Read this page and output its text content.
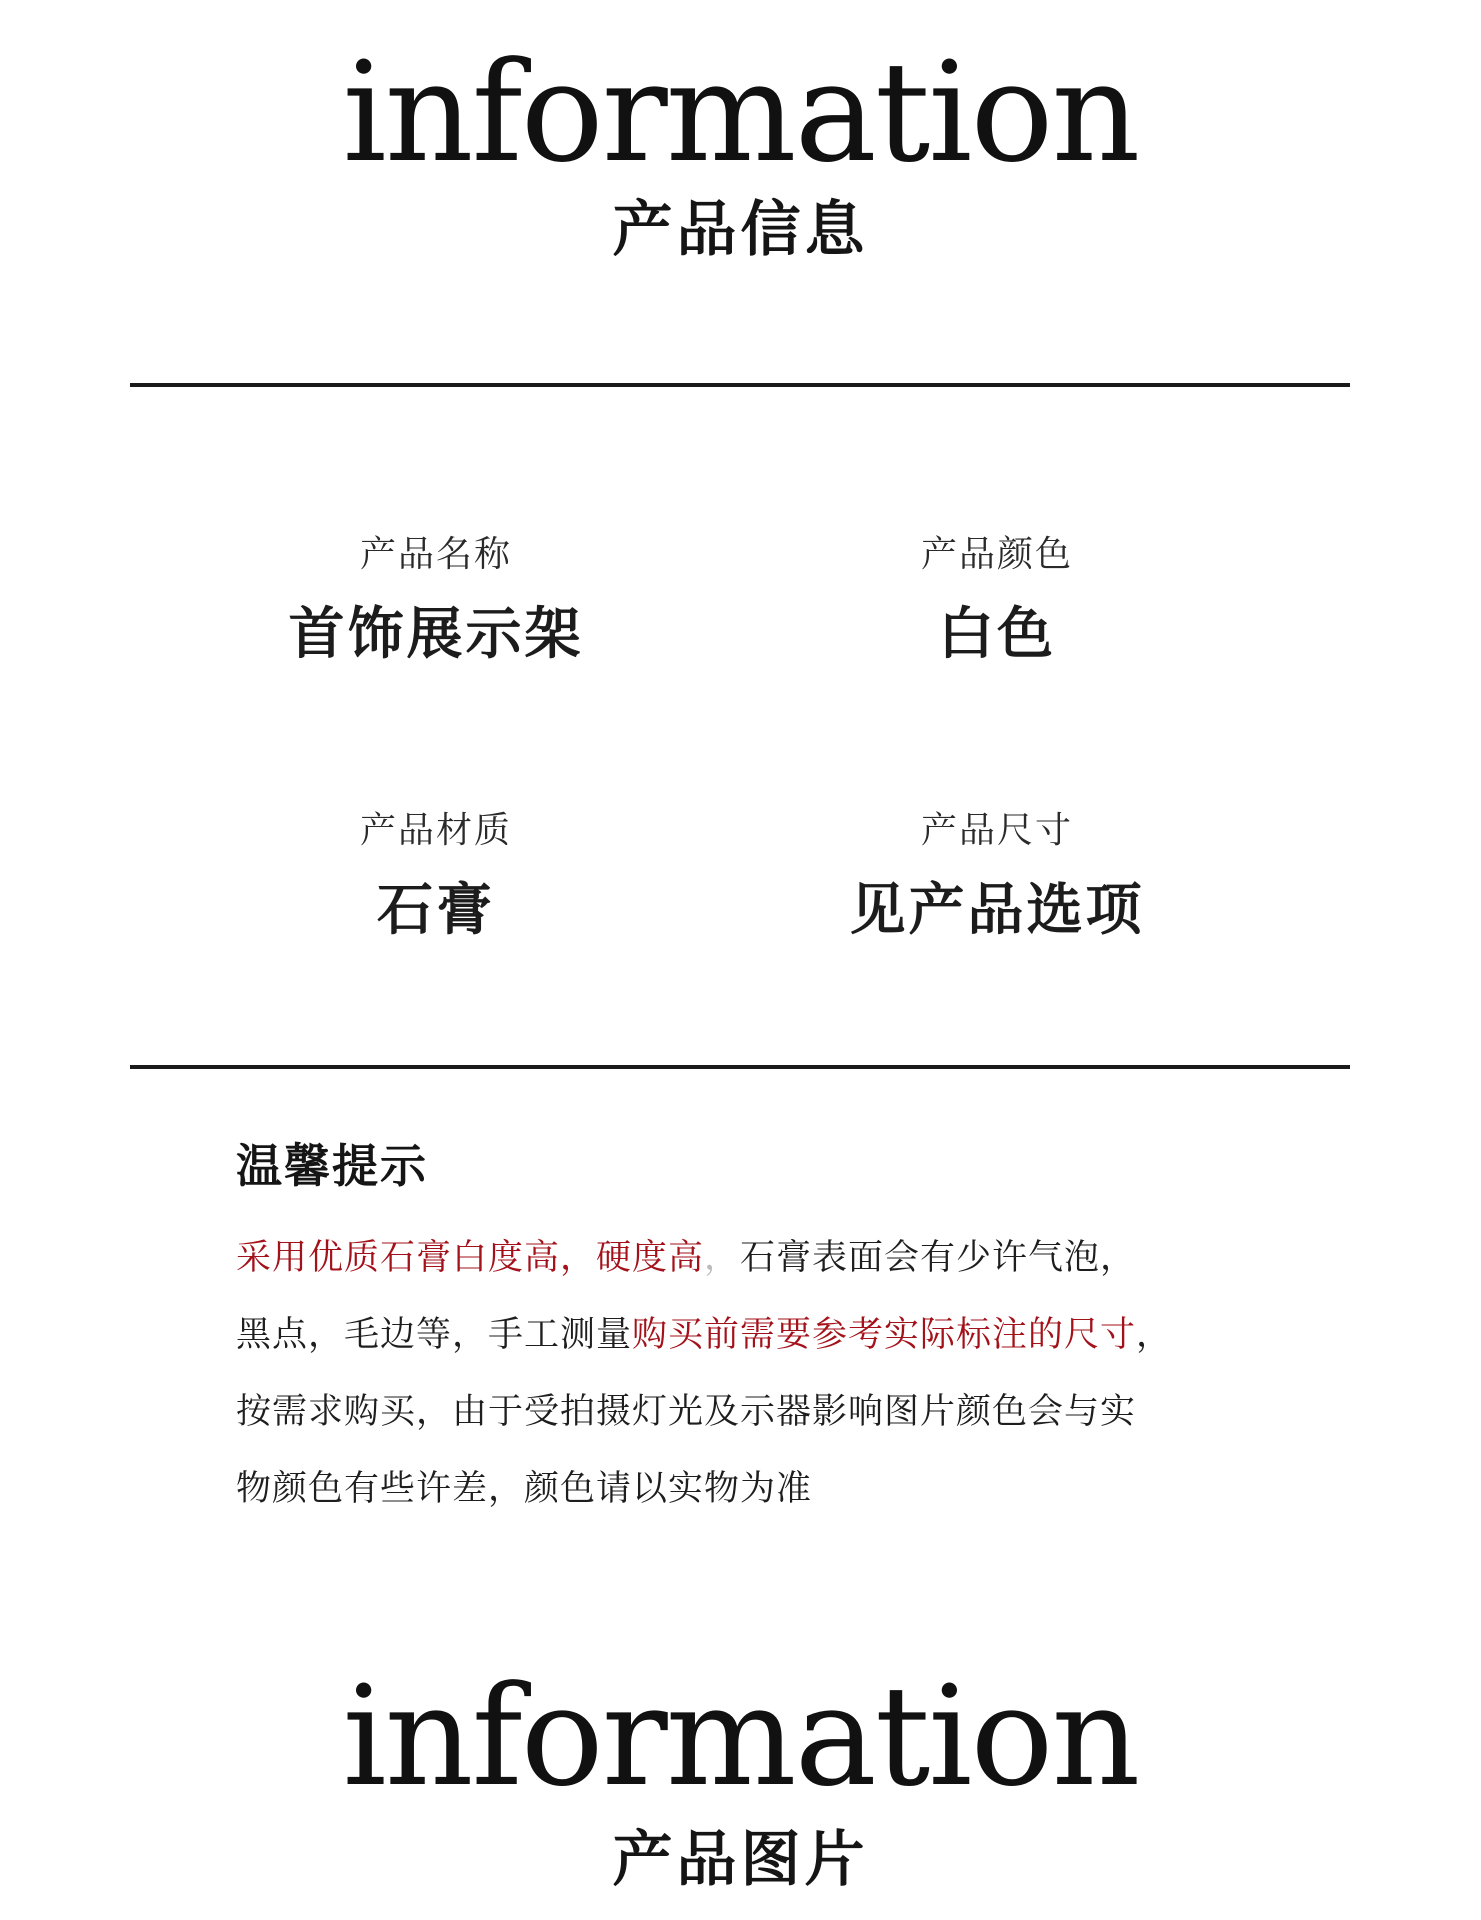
information
产品信息
产品名称
首饰展示架
产品颜色
白色
产品材质
石膏
产品尺寸
见产品选项
温馨提示
采用优质石膏白度高，硬度高，石膏表面会有少许气泡，
黑点，毛边等，手工测量购买前需要参考实际标注的尺寸，
按需求购买，由于受拍摄灯光及示器影响图片颜色会与实
物颜色有些许差，颜色请以实物为准
information
产品图片
